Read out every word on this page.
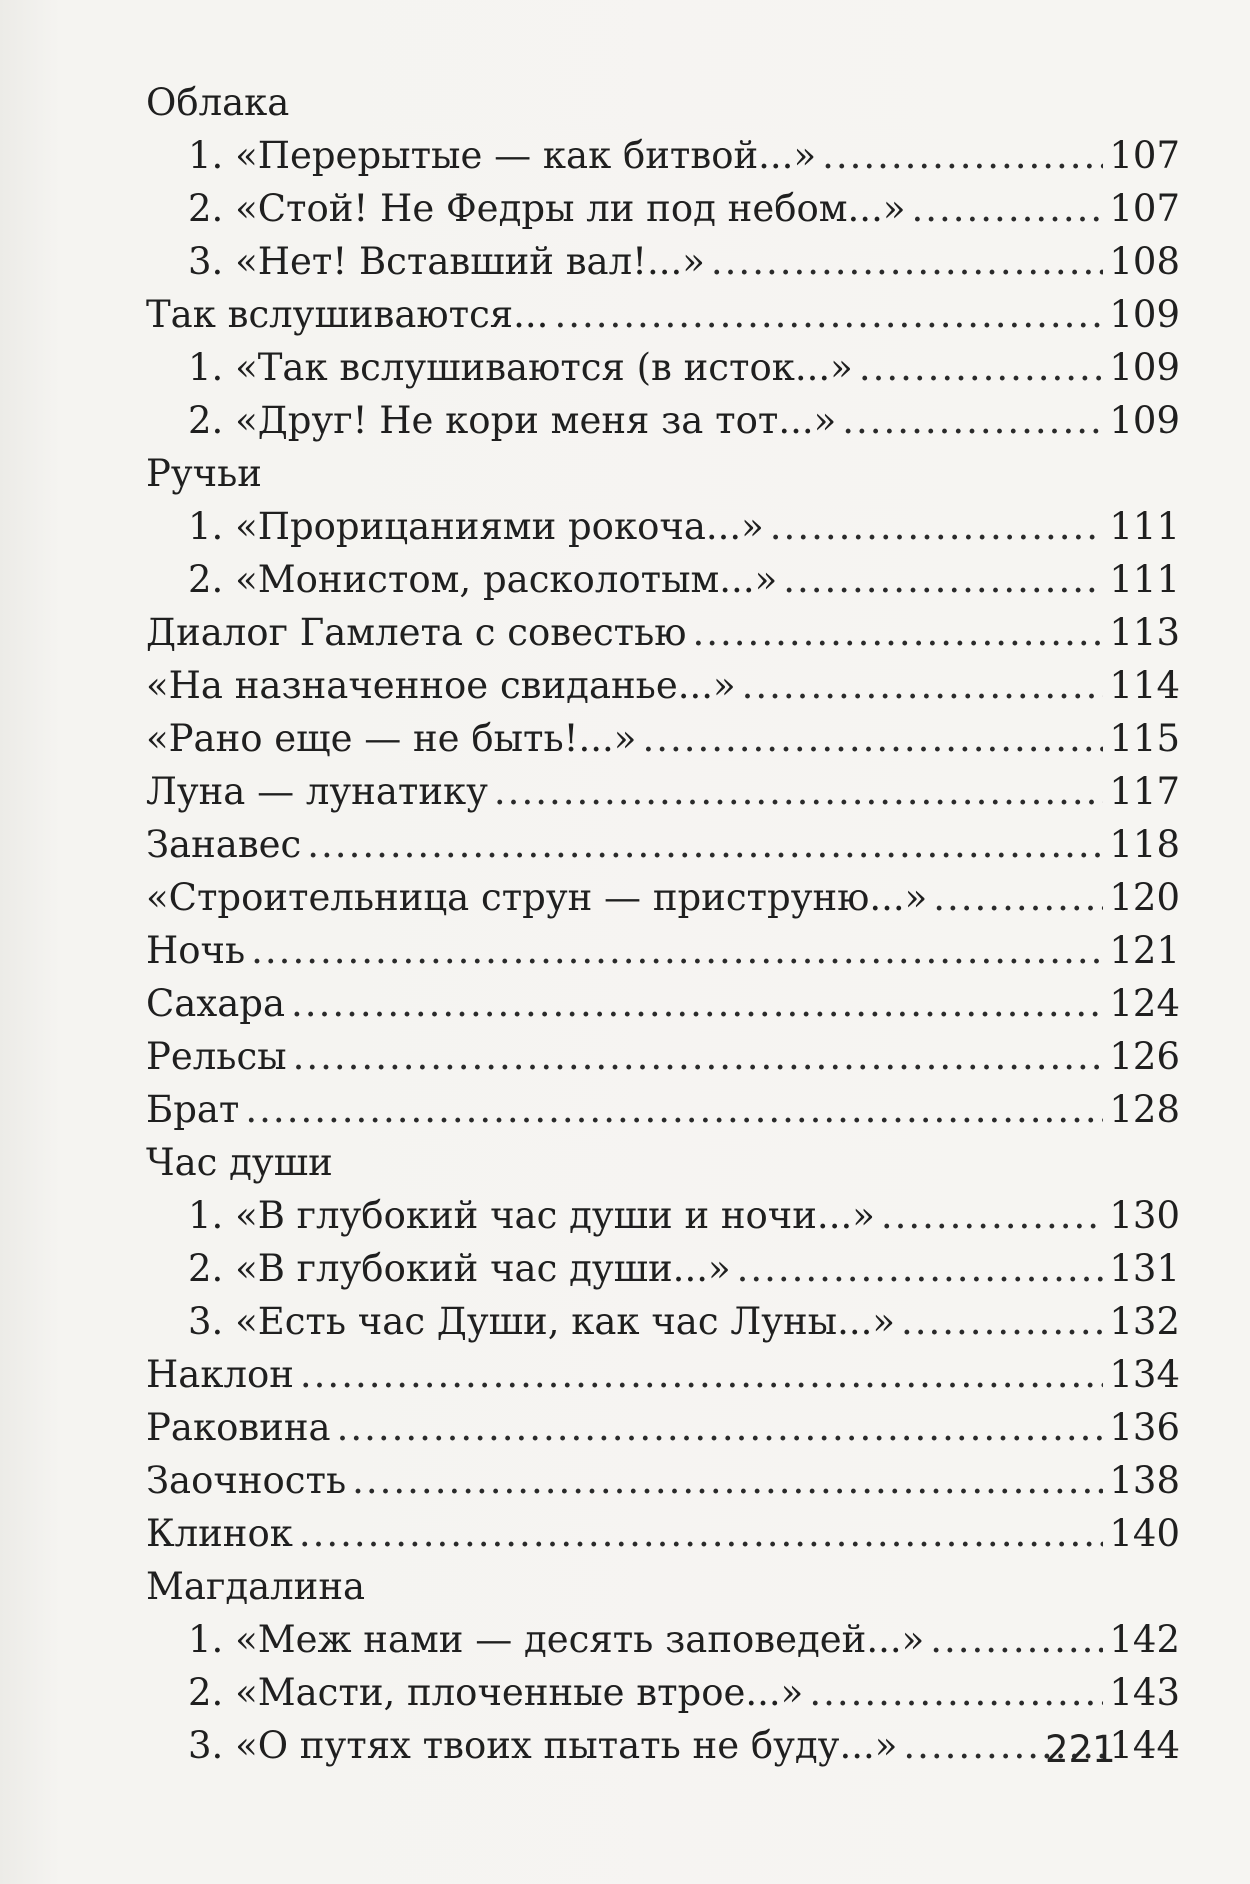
Облака
1. «Перерытые — как битвой...» .....	107
2. «Стой! Не Федры ли под небом...» .....	107
3. «Нет! Вставший вал!...» .....	108
Так вслушиваются... .....	109
1. «Так вслушиваются (в исток...» .....	109
2. «Друг! Не кори меня за тот...» .....	109
Ручьи
1. «Прорицаниями рокоча...» .....	111
2. «Монистом, расколотым...» .....	111
Диалог Гамлета с совестью .....	113
«На назначенное свиданье...» .....	114
«Рано еще — не быть!...» .....	115
Луна — лунатику .....	117
Занавес .....	118
«Строительница струн — приструню...» .....	120
Ночь .....	121
Сахара .....	124
Рельсы .....	126
Брат .....	128
Час души
1. «В глубокий час души и ночи...» .....	130
2. «В глубокий час души...» .....	131
3. «Есть час Души, как час Луны...» .....	132
Наклон .....	134
Раковина .....	136
Заочность .....	138
Клинок .....	140
Магдалина
1. «Меж нами — десять заповедей...» .....	142
2. «Масти, плоченные втрое...» .....	143
3. «О путях твоих пытать не буду...» .....	144
221
